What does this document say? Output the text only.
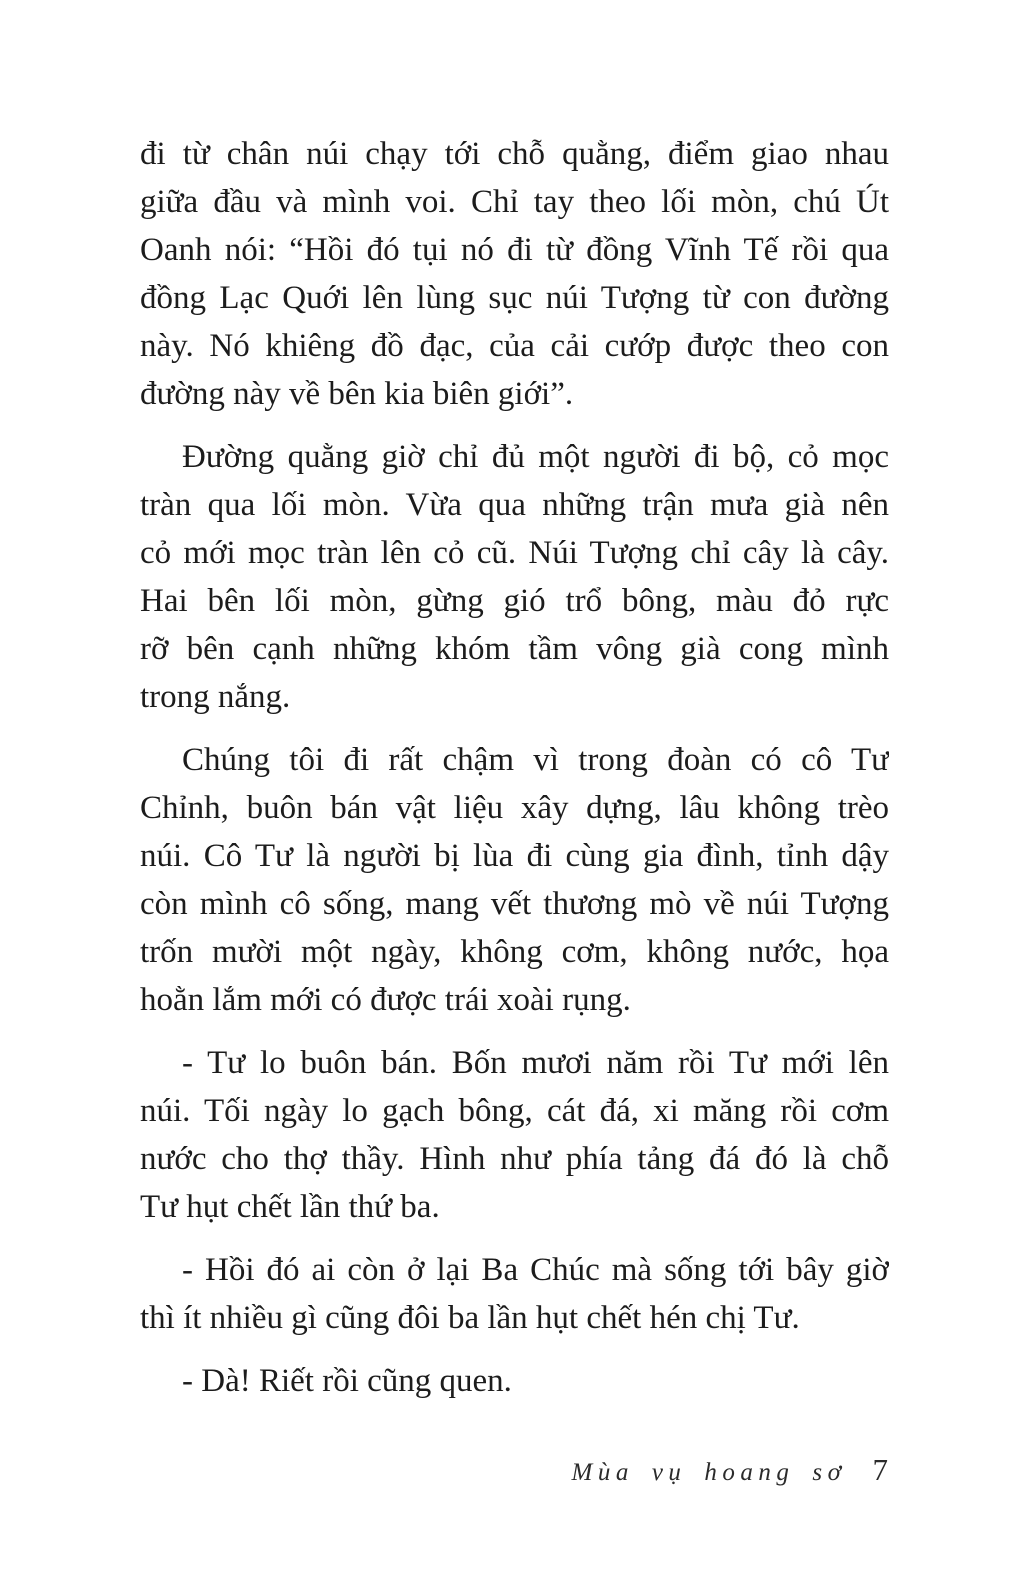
đi từ chân núi chạy tới chỗ quằng, điểm giao nhau
giữa đầu và mình voi. Chỉ tay theo lối mòn, chú Út
Oanh nói: “Hồi đó tụi nó đi từ đồng Vĩnh Tế rồi qua
đồng Lạc Quới lên lùng sục núi Tượng từ con đường
này. Nó khiêng đồ đạc, của cải cướp được theo con
đường này về bên kia biên giới”.
Đường quằng giờ chỉ đủ một người đi bộ, cỏ mọc
tràn qua lối mòn. Vừa qua những trận mưa già nên
cỏ mới mọc tràn lên cỏ cũ. Núi Tượng chỉ cây là cây.
Hai bên lối mòn, gừng gió trổ bông, màu đỏ rực
rỡ bên cạnh những khóm tầm vông già cong mình
trong nắng.
Chúng tôi đi rất chậm vì trong đoàn có cô Tư
Chỉnh, buôn bán vật liệu xây dựng, lâu không trèo
núi. Cô Tư là người bị lùa đi cùng gia đình, tỉnh dậy
còn mình cô sống, mang vết thương mò về núi Tượng
trốn mười một ngày, không cơm, không nước, họa
hoằn lắm mới có được trái xoài rụng.
- Tư lo buôn bán. Bốn mươi năm rồi Tư mới lên
núi. Tối ngày lo gạch bông, cát đá, xi măng rồi cơm
nước cho thợ thầy. Hình như phía tảng đá đó là chỗ
Tư hụt chết lần thứ ba.
- Hồi đó ai còn ở lại Ba Chúc mà sống tới bây giờ
thì ít nhiều gì cũng đôi ba lần hụt chết hén chị Tư.
- Dà! Riết rồi cũng quen.
Mùa vụ hoang sơ 7
